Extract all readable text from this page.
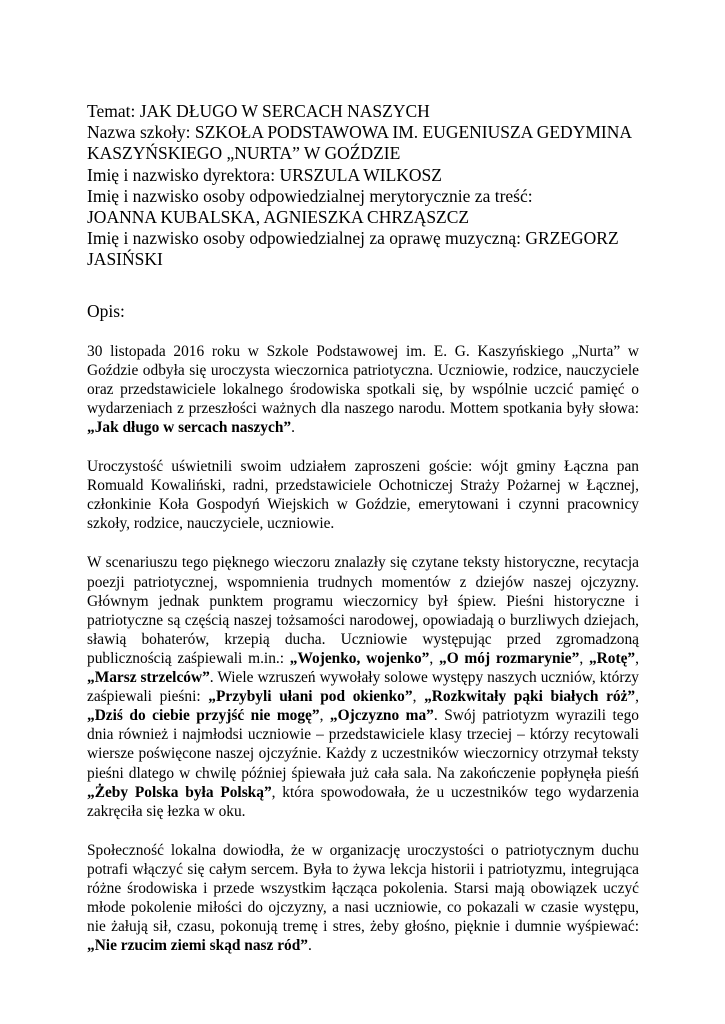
Temat: JAK DŁUGO W SERCACH NASZYCH

Nazwa szkoły: SZKOŁA PODSTAWOWA IM. EUGENIUSZA GEDYMINA

KASZYŃSKIEGO „NURTA” W GOŹDZIE

Imię i nazwisko dyrektora: URSZULA WILKOSZ

Imię i nazwisko osoby odpowiedzialnej merytorycznie za treść:

JOANNA KUBALSKA, AGNIESZKA CHRZĄSZCZ

Imię i nazwisko osoby odpowiedzialnej za oprawę muzyczną: GRZEGORZ

JASIŃSKI

Opis:

30 listopada 2016 roku w Szkole Podstawowej im. E. G. Kaszyńskiego „Nurta” w Goździe odbyła się uroczysta wieczornica patriotyczna. Uczniowie, rodzice, nauczyciele oraz przedstawiciele lokalnego środowiska spotkali się, by wspólnie uczcić pamięć o wydarzeniach z przeszłości ważnych dla naszego narodu. Mottem spotkania były słowa: „Jak długo w sercach naszych”.

Uroczystość uświetnili swoim udziałem zaproszeni goście: wójt gminy Łączna pan Romuald Kowaliński, radni, przedstawiciele Ochotniczej Straży Pożarnej w Łącznej, członkinie Koła Gospodyń Wiejskich w Goździe, emerytowani i czynni pracownicy szkoły, rodzice, nauczyciele, uczniowie.

W scenariuszu tego pięknego wieczoru znalazły się czytane teksty historyczne, recytacja poezji patriotycznej, wspomnienia trudnych momentów z dziejów naszej ojczyzny. Głównym jednak punktem programu wieczornicy był śpiew. Pieśni historyczne i patriotyczne są częścią naszej tożsamości narodowej, opowiadają o burzliwych dziejach, sławią bohaterów, krzepią ducha. Uczniowie występując przed zgromadzoną publicznością zaśpiewali m.in.: „Wojenko, wojenko”, „O mój rozmarynie”, „Rotę”, „Marsz strzelców”. Wiele wzruszeń wywołały solowe występy naszych uczniów, którzy zaśpiewali pieśni: „Przybyli ułani pod okienko”, „Rozkwitały pąki białych róż”, „Dziś do ciebie przyjść nie mogę”, „Ojczyzno ma”. Swój patriotyzm wyrazili tego dnia również i najmłodsi uczniowie – przedstawiciele klasy trzeciej – którzy recytowali wiersze poświęcone naszej ojczyźnie. Każdy z uczestników wieczornicy otrzymał teksty pieśni dlatego w chwilę później śpiewała już cała sala. Na zakończenie popłynęła pieśń „Żeby Polska była Polską”, która spowodowała, że u uczestników tego wydarzenia zakręciła się łezka w oku.

Społeczność lokalna dowiodła, że w organizację uroczystości o patriotycznym duchu potrafi włączyć się całym sercem. Była to żywa lekcja historii i patriotyzmu, integrująca różne środowiska i przede wszystkim łącząca pokolenia. Starsi mają obowiązek uczyć młode pokolenie miłości do ojczyzny, a nasi uczniowie, co pokazali w czasie występu, nie żałują sił, czasu, pokonują tremę i stres, żeby głośno, pięknie i dumnie wyśpiewać: „Nie rzucim ziemi skąd nasz ród”.
